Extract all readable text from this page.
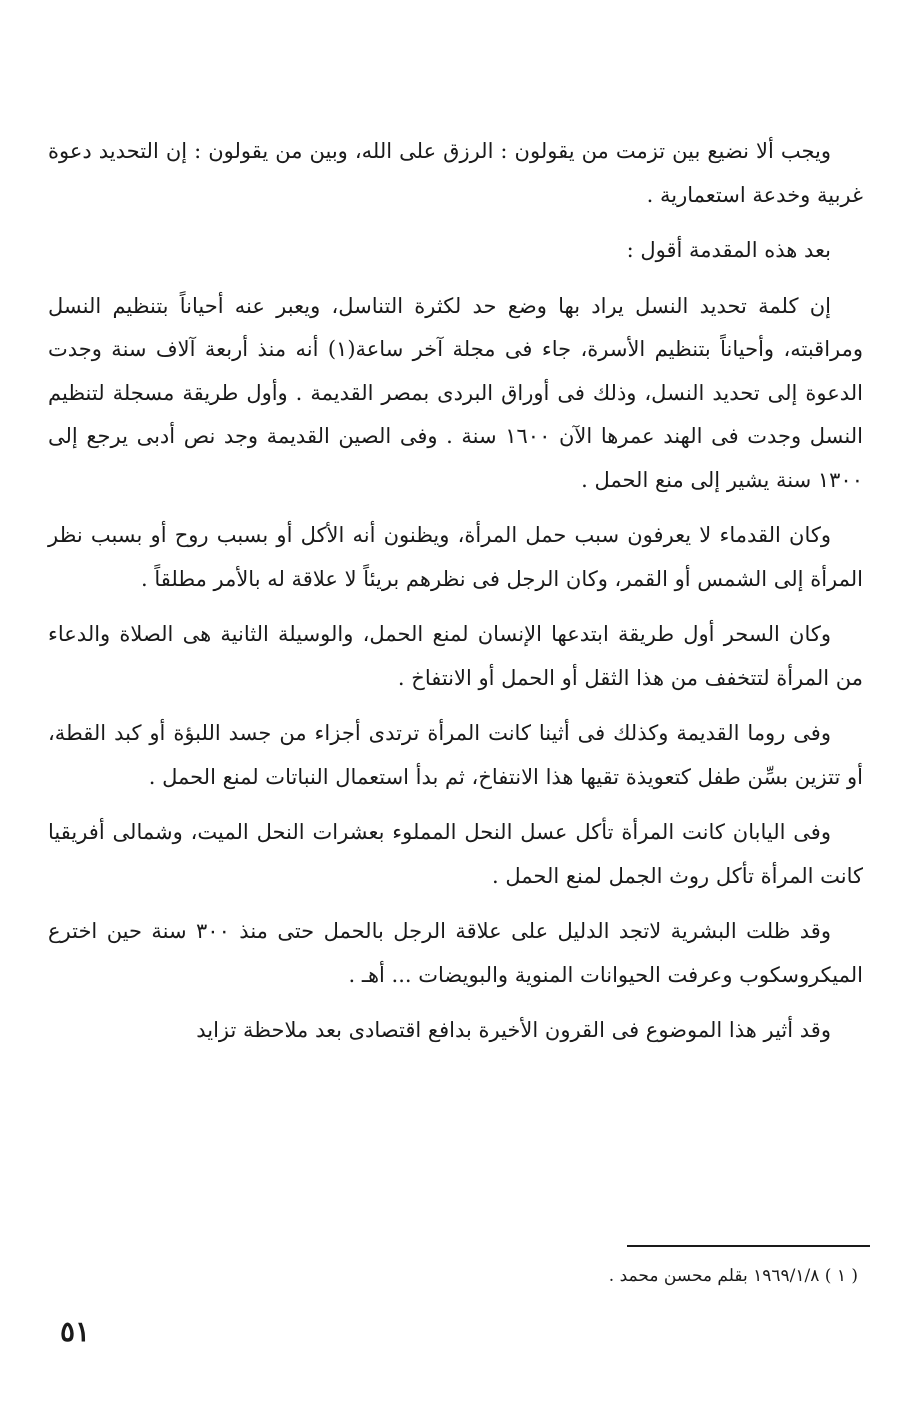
ويجب ألا نضيع بين تزمت من يقولون : الرزق على الله، وبين من يقولون : إن التحديد دعوة غربية وخدعة استعمارية .

بعد هذه المقدمة أقول :

إن كلمة تحديد النسل يراد بها وضع حد لكثرة التناسل، ويعبر عنه أحياناً بتنظيم النسل ومراقبته، وأحياناً بتنظيم الأسرة، جاء فى مجلة آخر ساعة(١) أنه منذ أربعة آلاف سنة وجدت الدعوة إلى تحديد النسل، وذلك فى أوراق البردى بمصر القديمة . وأول طريقة مسجلة لتنظيم النسل وجدت فى الهند عمرها الآن ١٦٠٠ سنة . وفى الصين القديمة وجد نص أدبى يرجع إلى ١٣٠٠ سنة يشير إلى منع الحمل .

وكان القدماء لا يعرفون سبب حمل المرأة، ويظنون أنه الأكل أو بسبب روح أو بسبب نظر المرأة إلى الشمس أو القمر، وكان الرجل فى نظرهم بريئاً لا علاقة له بالأمر مطلقاً .

وكان السحر أول طريقة ابتدعها الإنسان لمنع الحمل، والوسيلة الثانية هى الصلاة والدعاء من المرأة لتتخفف من هذا الثقل أو الحمل أو الانتفاخ .

وفى روما القديمة وكذلك فى أثينا كانت المرأة ترتدى أجزاء من جسد اللبؤة أو كبد القطة، أو تتزين بسِّن طفل كتعويذة تقيها هذا الانتفاخ، ثم بدأ استعمال النباتات لمنع الحمل .

وفى اليابان كانت المرأة تأكل عسل النحل المملوء بعشرات النحل الميت، وشمالى أفريقيا كانت المرأة تأكل روث الجمل لمنع الحمل .

وقد ظلت البشرية لاتجد الدليل على علاقة الرجل بالحمل حتى منذ ٣٠٠ سنة حين اخترع الميكروسكوب وعرفت الحيوانات المنوية والبويضات ... أهـ .

وقد أثير هذا الموضوع فى القرون الأخيرة بدافع اقتصادى بعد ملاحظة تزايد

( ١ ) ١٩٦٩/١/٨ بقلم محسن محمد .
٥١
